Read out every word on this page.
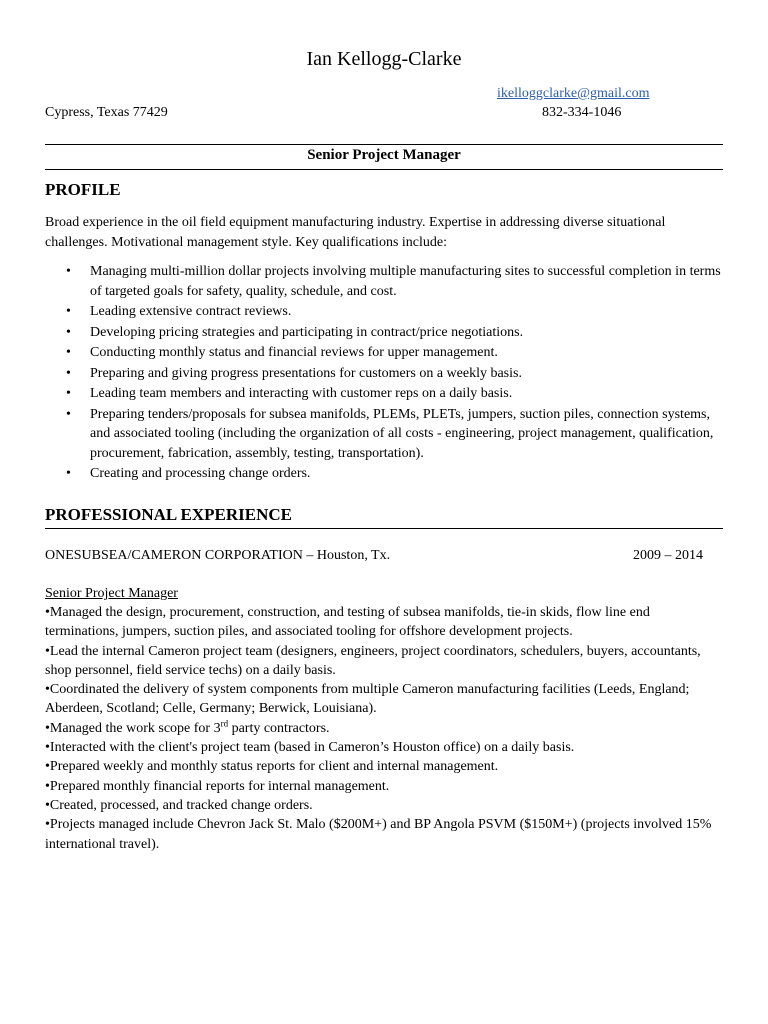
Ian Kellogg-Clarke
ikelloggclarke@gmail.com
Cypress, Texas 77429	832-334-1046
Senior Project Manager
PROFILE
Broad experience in the oil field equipment manufacturing industry. Expertise in addressing diverse situational challenges. Motivational management style. Key qualifications include:
• Managing multi-million dollar projects involving multiple manufacturing sites to successful completion in terms of targeted goals for safety, quality, schedule, and cost.
• Leading extensive contract reviews.
• Developing pricing strategies and participating in contract/price negotiations.
• Conducting monthly status and financial reviews for upper management.
• Preparing and giving progress presentations for customers on a weekly basis.
• Leading team members and interacting with customer reps on a daily basis.
• Preparing tenders/proposals for subsea manifolds, PLEMs, PLETs, jumpers, suction piles, connection systems, and associated tooling (including the organization of all costs - engineering, project management, qualification, procurement, fabrication, assembly, testing, transportation).
• Creating and processing change orders.
PROFESSIONAL EXPERIENCE
ONESUBSEA/CAMERON CORPORATION – Houston, Tx.	2009 – 2014
Senior Project Manager

•Managed the design, procurement, construction, and testing of subsea manifolds, tie-in skids, flow line end terminations, jumpers, suction piles, and associated tooling for offshore development projects.

•Lead the internal Cameron project team (designers, engineers, project coordinators, schedulers, buyers, accountants, shop personnel, field service techs) on a daily basis.

•Coordinated the delivery of system components from multiple Cameron manufacturing facilities (Leeds, England; Aberdeen, Scotland; Celle, Germany; Berwick, Louisiana).

•Managed the work scope for 3rd party contractors.

•Interacted with the client's project team (based in Cameron’s Houston office) on a daily basis.

•Prepared weekly and monthly status reports for client and internal management.

•Prepared monthly financial reports for internal management.

•Created, processed, and tracked change orders.

•Projects managed include Chevron Jack St. Malo ($200M+) and BP Angola PSVM ($150M+) (projects involved 15% international travel).
